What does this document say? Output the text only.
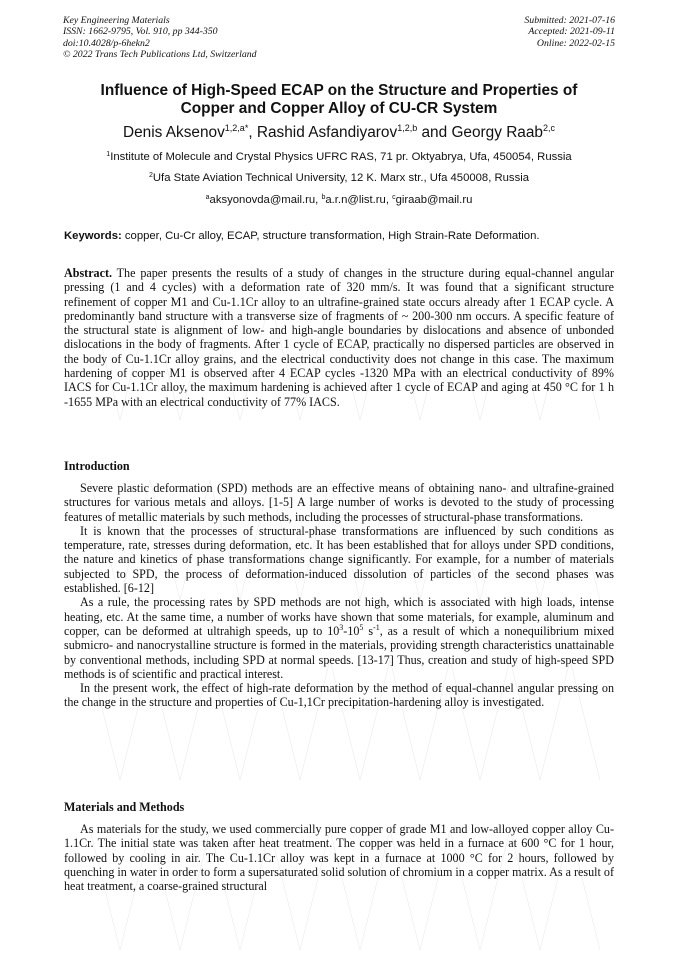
Key Engineering Materials
ISSN: 1662-9795, Vol. 910, pp 344-350
doi:10.4028/p-6hekn2
© 2022 Trans Tech Publications Ltd, Switzerland
Submitted: 2021-07-16
Accepted: 2021-09-11
Online: 2022-02-15
Influence of High-Speed ECAP on the Structure and Properties of
Copper and Copper Alloy of CU-CR System
Denis Aksenov$^{1,2,a*}$, Rashid Asfandiyarov$^{1,2,b}$ and Georgy Raab$^{2,c}$
$^1$Institute of Molecule and Crystal Physics UFRC RAS, 71 pr. Oktyabrya, Ufa, 450054, Russia
$^2$Ufa State Aviation Technical University, 12 K. Marx str., Ufa 450008, Russia
$^a$aksyonovda@mail.ru, $^b$a.r.n@list.ru, $^c$giraab@mail.ru
Keywords: copper, Cu-Cr alloy, ECAP, structure transformation, High Strain-Rate Deformation.

Abstract. The paper presents the results of a study of changes in the structure during equal-channel angular pressing (1 and 4 cycles) with a deformation rate of 320 mm/s. It was found that a significant structure refinement of copper M1 and Cu-1.1Cr alloy to an ultrafine-grained state occurs already after 1 ECAP cycle. A predominantly band structure with a transverse size of fragments of ~ 200-300 nm occurs. A specific feature of the structural state is alignment of low- and high-angle boundaries by dislocations and absence of unbonded dislocations in the body of fragments. After 1 cycle of ECAP, practically no dispersed particles are observed in the body of Cu-1.1Cr alloy grains, and the electrical conductivity does not change in this case. The maximum hardening of copper M1 is observed after 4 ECAP cycles -1320 MPa with an electrical conductivity of 89% IACS for Cu-1.1Cr alloy, the maximum hardening is achieved after 1 cycle of ECAP and aging at 450 °C for 1 h -1655 MPa with an electrical conductivity of 77% IACS.

Introduction

Severe plastic deformation (SPD) methods are an effective means of obtaining nano- and ultrafine-grained structures for various metals and alloys. [1-5] A large number of works is devoted to the study of processing features of metallic materials by such methods, including the processes of structural-phase transformations.

It is known that the processes of structural-phase transformations are influenced by such conditions as temperature, rate, stresses during deformation, etc. It has been established that for alloys under SPD conditions, the nature and kinetics of phase transformations change significantly. For example, for a number of materials subjected to SPD, the process of deformation-induced dissolution of particles of the second phases was established. [6-12]

As a rule, the processing rates by SPD methods are not high, which is associated with high loads, intense heating, etc. At the same time, a number of works have shown that some materials, for example, aluminum and copper, can be deformed at ultrahigh speeds, up to $10^3-10^5$ $s^{-1}$, as a result of which a nonequilibrium mixed submicro- and nanocrystalline structure is formed in the materials, providing strength characteristics unattainable by conventional methods, including SPD at normal speeds. [13-17] Thus, creation and study of high-speed SPD methods is of scientific and practical interest.

In the present work, the effect of high-rate deformation by the method of equal-channel angular pressing on the change in the structure and properties of Cu-1,1Cr precipitation-hardening alloy is investigated.

Materials and Methods

As materials for the study, we used commercially pure copper of grade M1 and low-alloyed copper alloy Cu-1.1Cr. The initial state was taken after heat treatment. The copper was held in a furnace at 600 °C for 1 hour, followed by cooling in air. The Cu-1.1Cr alloy was kept in a furnace at 1000 °C for 2 hours, followed by quenching in water in order to form a supersaturated solid solution of chromium in a copper matrix. As a result of heat treatment, a coarse-grained structural
